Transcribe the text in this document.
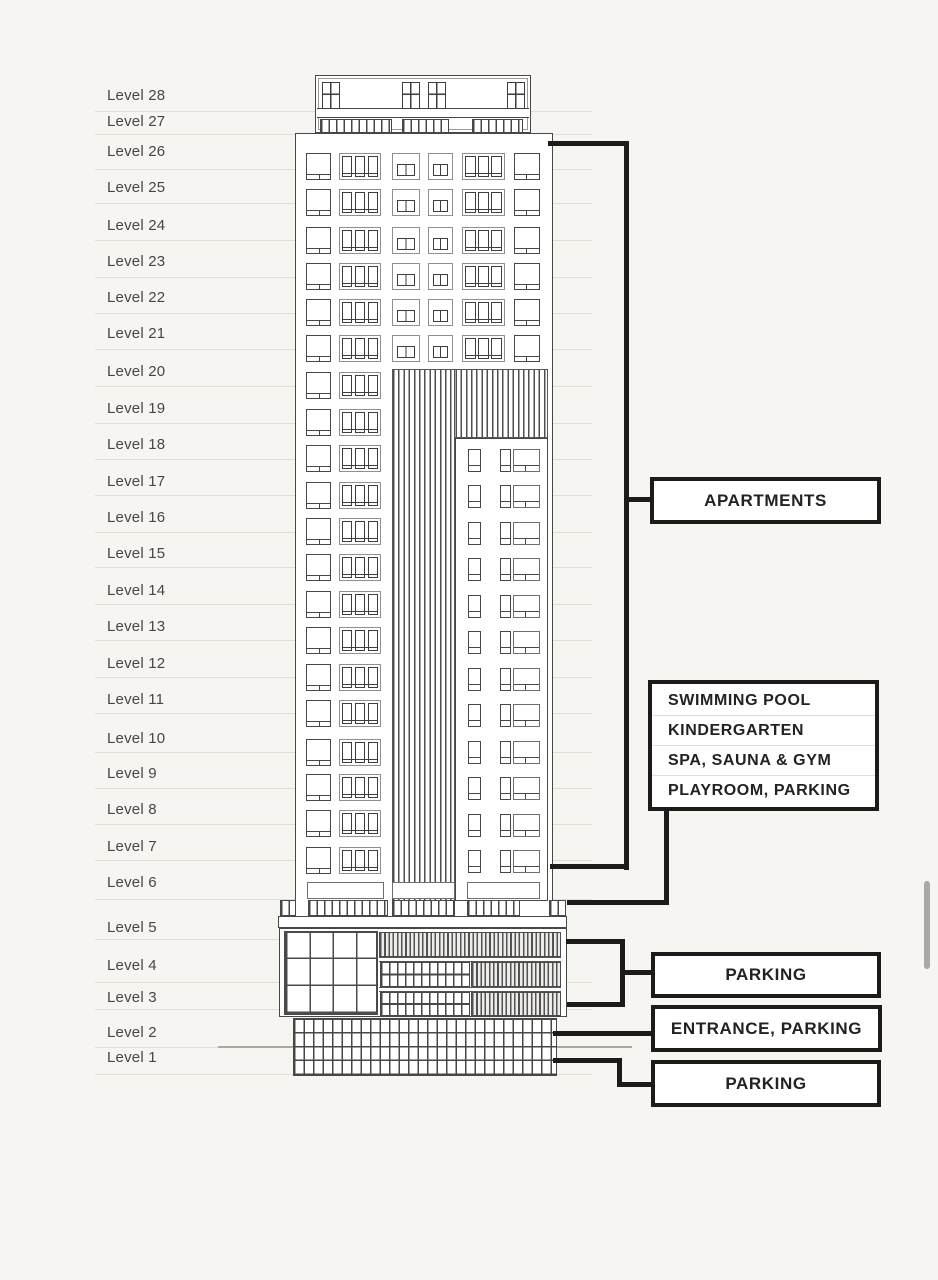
Level 28
Level 27
Level 26
Level 25
Level 24
Level 23
Level 22
Level 21
Level 20
Level 19
Level 18
Level 17
Level 16
Level 15
Level 14
Level 13
Level 12
Level 11
Level 10
Level 9
Level 8
Level 7
Level 6
Level 5
Level 4
Level 3
Level 2
Level 1
APARTMENTS
SWIMMING POOL
KINDERGARTEN
SPA, SAUNA & GYM
PLAYROOM, PARKING
PARKING
ENTRANCE, PARKING
PARKING
